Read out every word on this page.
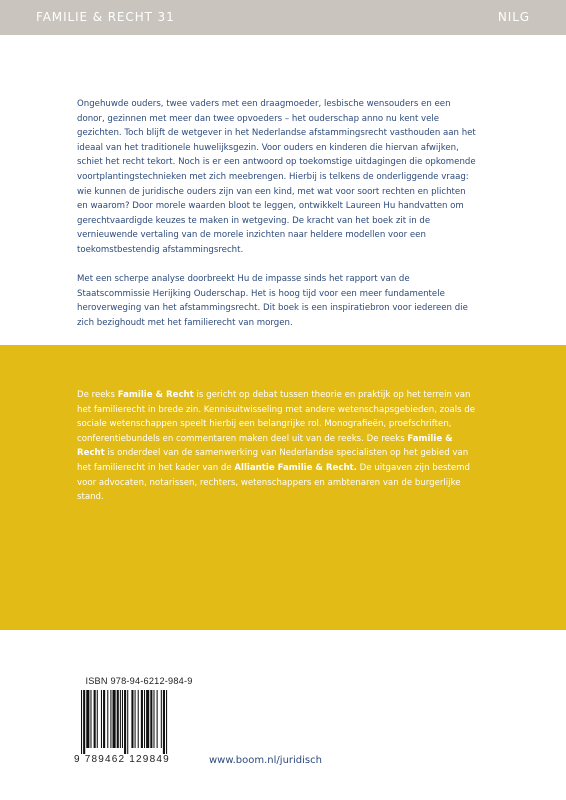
FAMILIE & RECHT 31	NILG

Ongehuwde ouders, twee vaders met een draagmoeder, lesbische wensouders en een donor, gezinnen met meer dan twee opvoeders – het ouderschap anno nu kent vele gezichten. Toch blijft de wetgever in het Nederlandse afstammingsrecht vasthouden aan het ideaal van het traditionele huwelijksgezin. Voor ouders en kinderen die hiervan afwijken, schiet het recht tekort. Noch is er een antwoord op toekomstige uitdagingen die opkomende voortplantingstechnieken met zich meebrengen. Hierbij is telkens de onderliggende vraag: wie kunnen de juridische ouders zijn van een kind, met wat voor soort rechten en plichten en waarom? Door morele waarden bloot te leggen, ontwikkelt Laureen Hu handvatten om gerechtvaardigde keuzes te maken in wetgeving. De kracht van het boek zit in de vernieuwende vertaling van de morele inzichten naar heldere modellen voor een toekomstbestendig afstammingsrecht.

Met een scherpe analyse doorbreekt Hu de impasse sinds het rapport van de Staatscommissie Herijking Ouderschap. Het is hoog tijd voor een meer fundamentele heroverweging van het afstammingsrecht. Dit boek is een inspiratiebron voor iedereen die zich bezighoudt met het familierecht van morgen.

De reeks Familie & Recht is gericht op debat tussen theorie en praktijk op het terrein van het familierecht in brede zin. Kennisuitwisseling met andere wetenschapsgebieden, zoals de sociale wetenschappen speelt hierbij een belangrijke rol. Monografieën, proefschriften, conferentiebundels en commentaren maken deel uit van de reeks. De reeks Familie & Recht is onderdeel van de samenwerking van Nederlandse specialisten op het gebied van het familierecht in het kader van de Alliantie Familie & Recht. De uitgaven zijn bestemd voor advocaten, notarissen, rechters, wetenschappers en ambtenaren van de burgerlijke stand.

ISBN 978-94-6212-984-9
9 789462 129849	www.boom.nl/juridisch
